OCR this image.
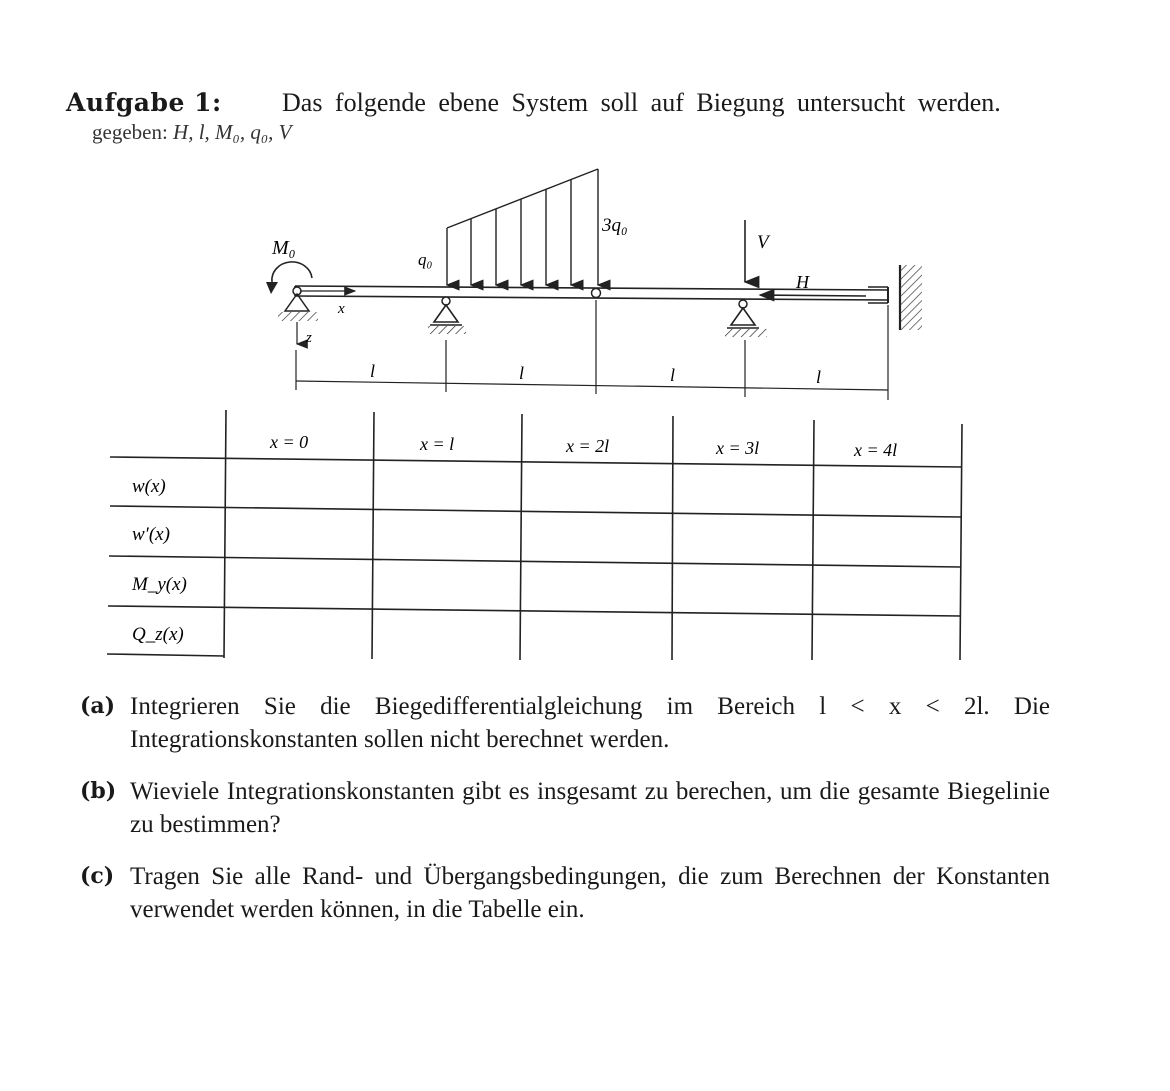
Aufgabe 1: Das folgende ebene System soll auf Biegung untersucht werden.
gegeben: H, l, M₀, q₀, V
M₀
q₀
3q₀
V
H
x
z
l	l	l	l
x = 0	x = l	x = 2l	x = 3l	x = 4l
w(x)
w′(x)
M_y(x)
Q_z(x)
(a) Integrieren Sie die Biegedifferentialgleichung im Bereich l < x < 2l. Die Integrationskonstanten sollen nicht berechnet werden.
(b) Wieviele Integrationskonstanten gibt es insgesamt zu berechen, um die gesamte Biegelinie zu bestimmen?
(c) Tragen Sie alle Rand- und Übergangsbedingungen, die zum Berechnen der Konstanten verwendet werden können, in die Tabelle ein.
